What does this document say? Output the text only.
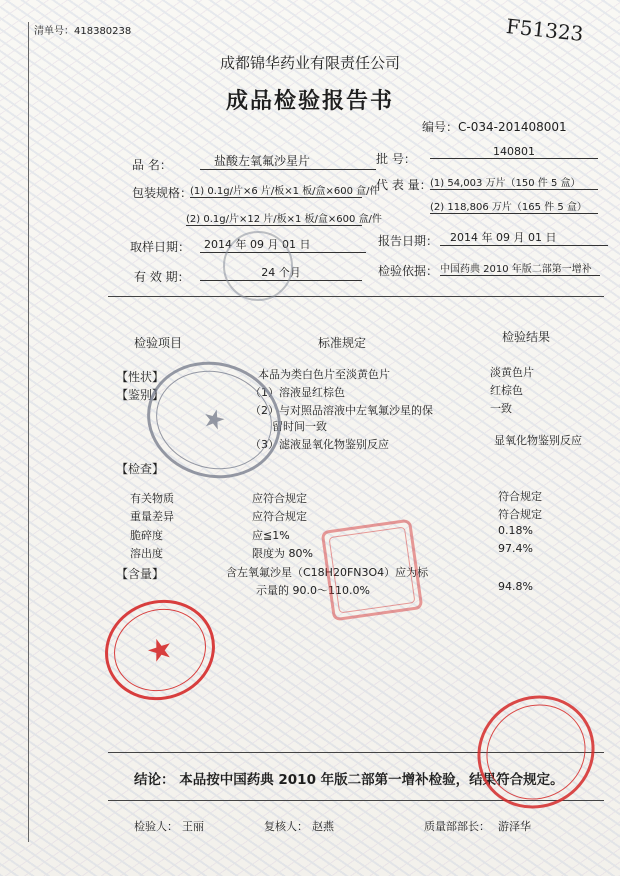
清单号：418380238	F51323
成都锦华药业有限责任公司
成品检验报告书
编号：C-034-201408001
品 名：	盐酸左氧氟沙星片	批 号：
140801
包装规格：
(1) 0.1g/片×6 片/板×1 板/盒×600 盒/件
(2) 0.1g/片×12 片/板×1 板/盒×600 盒/件
代 表 量：
(1) 54,003 万片（150 件 5 盒）
(2) 118,806 万片（165 件 5 盒）
取样日期：	2014 年 09 月 01 日	报告日期：	2014 年 09 月 01 日
有 效 期：	24 个月	检验依据： 中国药典 2010 年版二部第一增补
检验项目	标准规定	检验结果
【性状】	本品为类白色片至淡黄色片	淡黄色片
【鉴别】	（1）溶液显红棕色	红棕色
（2）与对照品溶液中左氧氟沙星的保
留时间一致
一致
（3）滤液显氧化物鉴别反应	显氧化物鉴别反应
【检查】
有关物质	应符合规定	符合规定
重量差异	应符合规定	符合规定
脆碎度	应≦1%	0.18%
溶出度	限度为 80%	97.4%
【含量】	含左氧氟沙星（C18H20FN3O4）应为标
示量的 90.0～110.0%	94.8%
结论： 本品按中国药典 2010 年版二部第一增补检验，结果符合规定。
检验人： 王丽	复核人： 赵燕	质量部部长： 游泽华
★
★
